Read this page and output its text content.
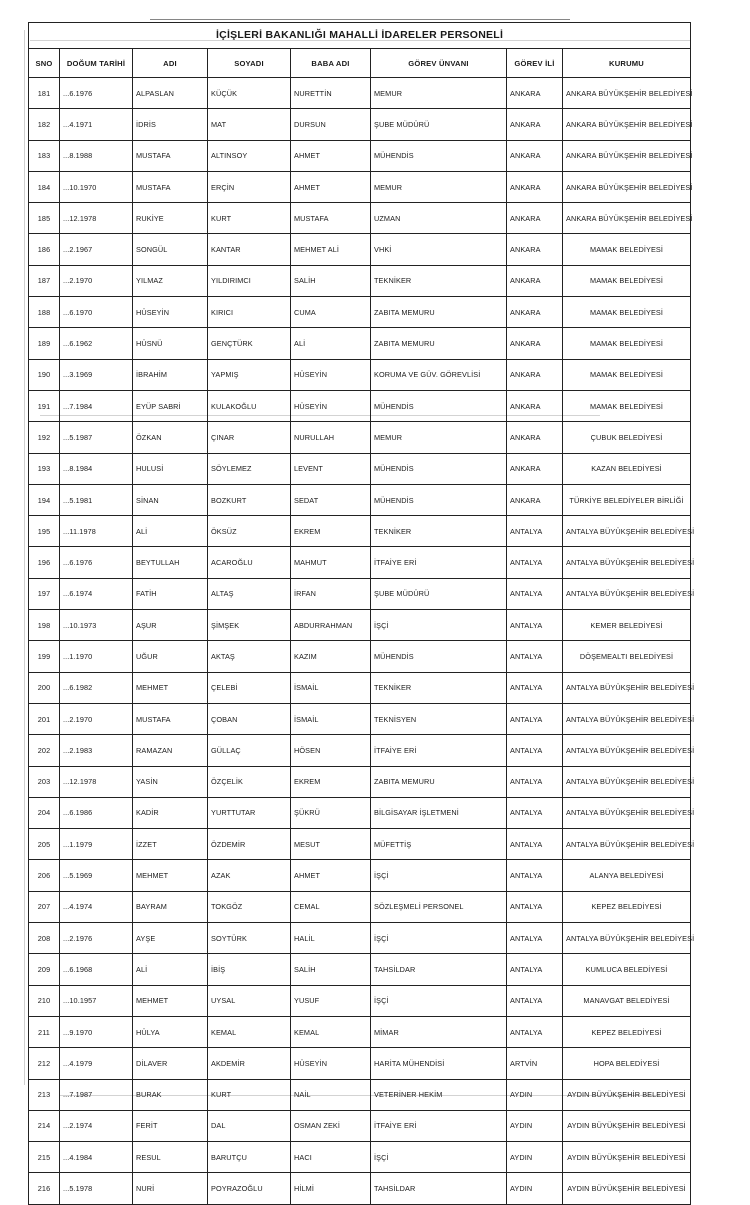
İÇİŞLERİ BAKANLIĞI MAHALLİ İDARELER PERSONELİ							
SNO	DOĞUM TARİHİ	ADI	SOYADI	BABA ADI	GÖREV ÜNVANI	GÖREV İLİ	KURUMU
181	...6.1976	ALPASLAN	KÜÇÜK	NURETTİN	MEMUR	ANKARA	ANKARA BÜYÜKŞEHİR BELEDİYESİ
182	...4.1971	İDRİS	MAT	DURSUN	ŞUBE MÜDÜRÜ	ANKARA	ANKARA BÜYÜKŞEHİR BELEDİYESİ
183	...8.1988	MUSTAFA	ALTINSOY	AHMET	MÜHENDİS	ANKARA	ANKARA BÜYÜKŞEHİR BELEDİYESİ
184	...10.1970	MUSTAFA	ERÇİN	AHMET	MEMUR	ANKARA	ANKARA BÜYÜKŞEHİR BELEDİYESİ
185	...12.1978	RUKİYE	KURT	MUSTAFA	UZMAN	ANKARA	ANKARA BÜYÜKŞEHİR BELEDİYESİ
186	...2.1967	SONGÜL	KANTAR	MEHMET ALİ	VHKİ	ANKARA	MAMAK BELEDİYESİ
187	...2.1970	YILMAZ	YILDIRIMCI	SALİH	TEKNİKER	ANKARA	MAMAK BELEDİYESİ
188	...6.1970	HÜSEYİN	KIRICI	CUMA	ZABITA MEMURU	ANKARA	MAMAK BELEDİYESİ
189	...6.1962	HÜSNÜ	GENÇTÜRK	ALİ	ZABITA MEMURU	ANKARA	MAMAK BELEDİYESİ
190	...3.1969	İBRAHİM	YAPMIŞ	HÜSEYİN	KORUMA VE GÜV. GÖREVLİSİ	ANKARA	MAMAK BELEDİYESİ
191	...7.1984	EYÜP SABRİ	KULAKOĞLU	HÜSEYİN	MÜHENDİS	ANKARA	MAMAK BELEDİYESİ
192	...5.1987	ÖZKAN	ÇINAR	NURULLAH	MEMUR	ANKARA	ÇUBUK BELEDİYESİ
193	...8.1984	HULUSİ	SÖYLEMEZ	LEVENT	MÜHENDİS	ANKARA	KAZAN BELEDİYESİ
194	...5.1981	SİNAN	BOZKURT	SEDAT	MÜHENDİS	ANKARA	TÜRKİYE BELEDİYELER BİRLİĞİ
195	...11.1978	ALİ	ÖKSÜZ	EKREM	TEKNİKER	ANTALYA	ANTALYA BÜYÜKŞEHİR BELEDİYESİ
196	...6.1976	BEYTULLAH	ACAROĞLU	MAHMUT	İTFAİYE ERİ	ANTALYA	ANTALYA BÜYÜKŞEHİR BELEDİYESİ
197	...6.1974	FATİH	ALTAŞ	İRFAN	ŞUBE MÜDÜRÜ	ANTALYA	ANTALYA BÜYÜKŞEHİR BELEDİYESİ
198	...10.1973	AŞUR	ŞİMŞEK	ABDURRAHMAN	İŞÇİ	ANTALYA	KEMER BELEDİYESİ
199	...1.1970	UĞUR	AKTAŞ	KAZIM	MÜHENDİS	ANTALYA	DÖŞEMEALTI BELEDİYESİ
200	...6.1982	MEHMET	ÇELEBİ	İSMAİL	TEKNİKER	ANTALYA	ANTALYA BÜYÜKŞEHİR BELEDİYESİ
201	...2.1970	MUSTAFA	ÇOBAN	İSMAİL	TEKNİSYEN	ANTALYA	ANTALYA BÜYÜKŞEHİR BELEDİYESİ
202	...2.1983	RAMAZAN	GÜLLAÇ	HÖSEN	İTFAİYE ERİ	ANTALYA	ANTALYA BÜYÜKŞEHİR BELEDİYESİ
203	...12.1978	YASİN	ÖZÇELİK	EKREM	ZABITA MEMURU	ANTALYA	ANTALYA BÜYÜKŞEHİR BELEDİYESİ
204	...6.1986	KADİR	YURTTUTAR	ŞÜKRÜ	BİLGİSAYAR İŞLETMENİ	ANTALYA	ANTALYA BÜYÜKŞEHİR BELEDİYESİ
205	...1.1979	İZZET	ÖZDEMİR	MESUT	MÜFETTİŞ	ANTALYA	ANTALYA BÜYÜKŞEHİR BELEDİYESİ
206	...5.1969	MEHMET	AZAK	AHMET	İŞÇİ	ANTALYA	ALANYA BELEDİYESİ
207	...4.1974	BAYRAM	TOKGÖZ	CEMAL	SÖZLEŞMELİ PERSONEL	ANTALYA	KEPEZ BELEDİYESİ
208	...2.1976	AYŞE	SOYTÜRK	HALİL	İŞÇİ	ANTALYA	ANTALYA BÜYÜKŞEHİR BELEDİYESİ
209	...6.1968	ALİ	İBİŞ	SALİH	TAHSİLDAR	ANTALYA	KUMLUCA BELEDİYESİ
210	...10.1957	MEHMET	UYSAL	YUSUF	İŞÇİ	ANTALYA	MANAVGAT BELEDİYESİ
211	...9.1970	HÜLYA	KEMAL	KEMAL	MİMAR	ANTALYA	KEPEZ BELEDİYESİ
212	...4.1979	DİLAVER	AKDEMİR	HÜSEYİN	HARİTA MÜHENDİSİ	ARTVİN	HOPA BELEDİYESİ
213	...7.1987	BURAK	KURT	NAİL	VETERİNER HEKİM	AYDIN	AYDIN BÜYÜKŞEHİR BELEDİYESİ
214	...2.1974	FERİT	DAL	OSMAN ZEKİ	İTFAİYE ERİ	AYDIN	AYDIN BÜYÜKŞEHİR BELEDİYESİ
215	...4.1984	RESUL	BARUTÇU	HACI	İŞÇİ	AYDIN	AYDIN BÜYÜKŞEHİR BELEDİYESİ
216	...5.1978	NURİ	POYRAZOĞLU	HİLMİ	TAHSİLDAR	AYDIN	AYDIN BÜYÜKŞEHİR BELEDİYESİ
